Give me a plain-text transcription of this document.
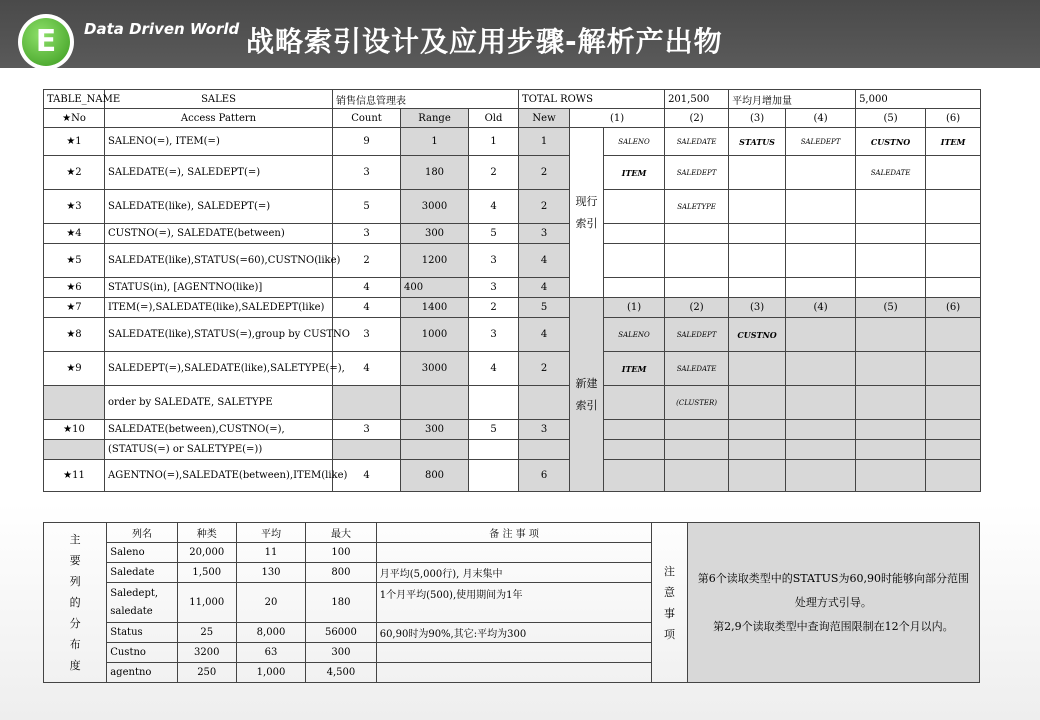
E	Data Driven World 战略索引设计及应用步骤-解析产出物
TABLE_NAME	SALES	销售信息管理表			TOTAL ROWS			201,500	平均月增加量		5,000	
★No	Access Pattern	Count	Range	Old	New	(1)		(2)	(3)	(4)	(5)	(6)
★1	SALENO(=), ITEM(=)	9	1	1	1	现行索引	SALENO	SALEDATE	STATUS	SALEDEPT	CUSTNO	ITEM
★2	SALEDATE(=), SALEDEPT(=)	3	180	2	2		ITEM	SALEDEPT			SALEDATE	
★3	SALEDATE(like), SALEDEPT(=)	5	3000	4	2			SALETYPE				
★4	CUSTNO(=), SALEDATE(between)	3	300	5	3							
★5	SALEDATE(like),STATUS(=60),CUSTNO(like)	2	1200	3	4							
★6	STATUS(in), [AGENTNO(like)]	4	400	3	4							
★7	ITEM(=),SALEDATE(like),SALEDEPT(like)	4	1400	2	5	新建索引	(1)	(2)	(3)	(4)	(5)	(6)
★8	SALEDATE(like),STATUS(=),group by CUSTNO	3	1000	3	4		SALENO	SALEDEPT	CUSTNO			
★9	SALEDEPT(=),SALEDATE(like),SALETYPE(=),	4	3000	4	2		ITEM	SALEDATE				
	order by SALEDATE, SALETYPE							(CLUSTER)				
★10	SALEDATE(between),CUSTNO(=),	3	300	5	3							
	(STATUS(=) or SALETYPE(=))											
★11	AGENTNO(=),SALEDATE(between),ITEM(like)	4	800		6							
主要列的分布度	列名	种类	平均	最大	备 注 事 项	注意事项	第6个读取类型中的STATUS为60,90时能够向部分范围处理方式引导。
第2,9个读取类型中查询范围限制在12个月以内。

	Saleno	20,000	11	100			
	Saledate	1,500	130	800	月平均(5,000行), 月末集中		
	Saledept, saledate	11,000	20	180	1个月平均(500),使用期间为1年		
	Status	25	8,000	56000	60,90时为90%,其它:平均为300		
	Custno	3200	63	300			
	agentno	250	1,000	4,500			
